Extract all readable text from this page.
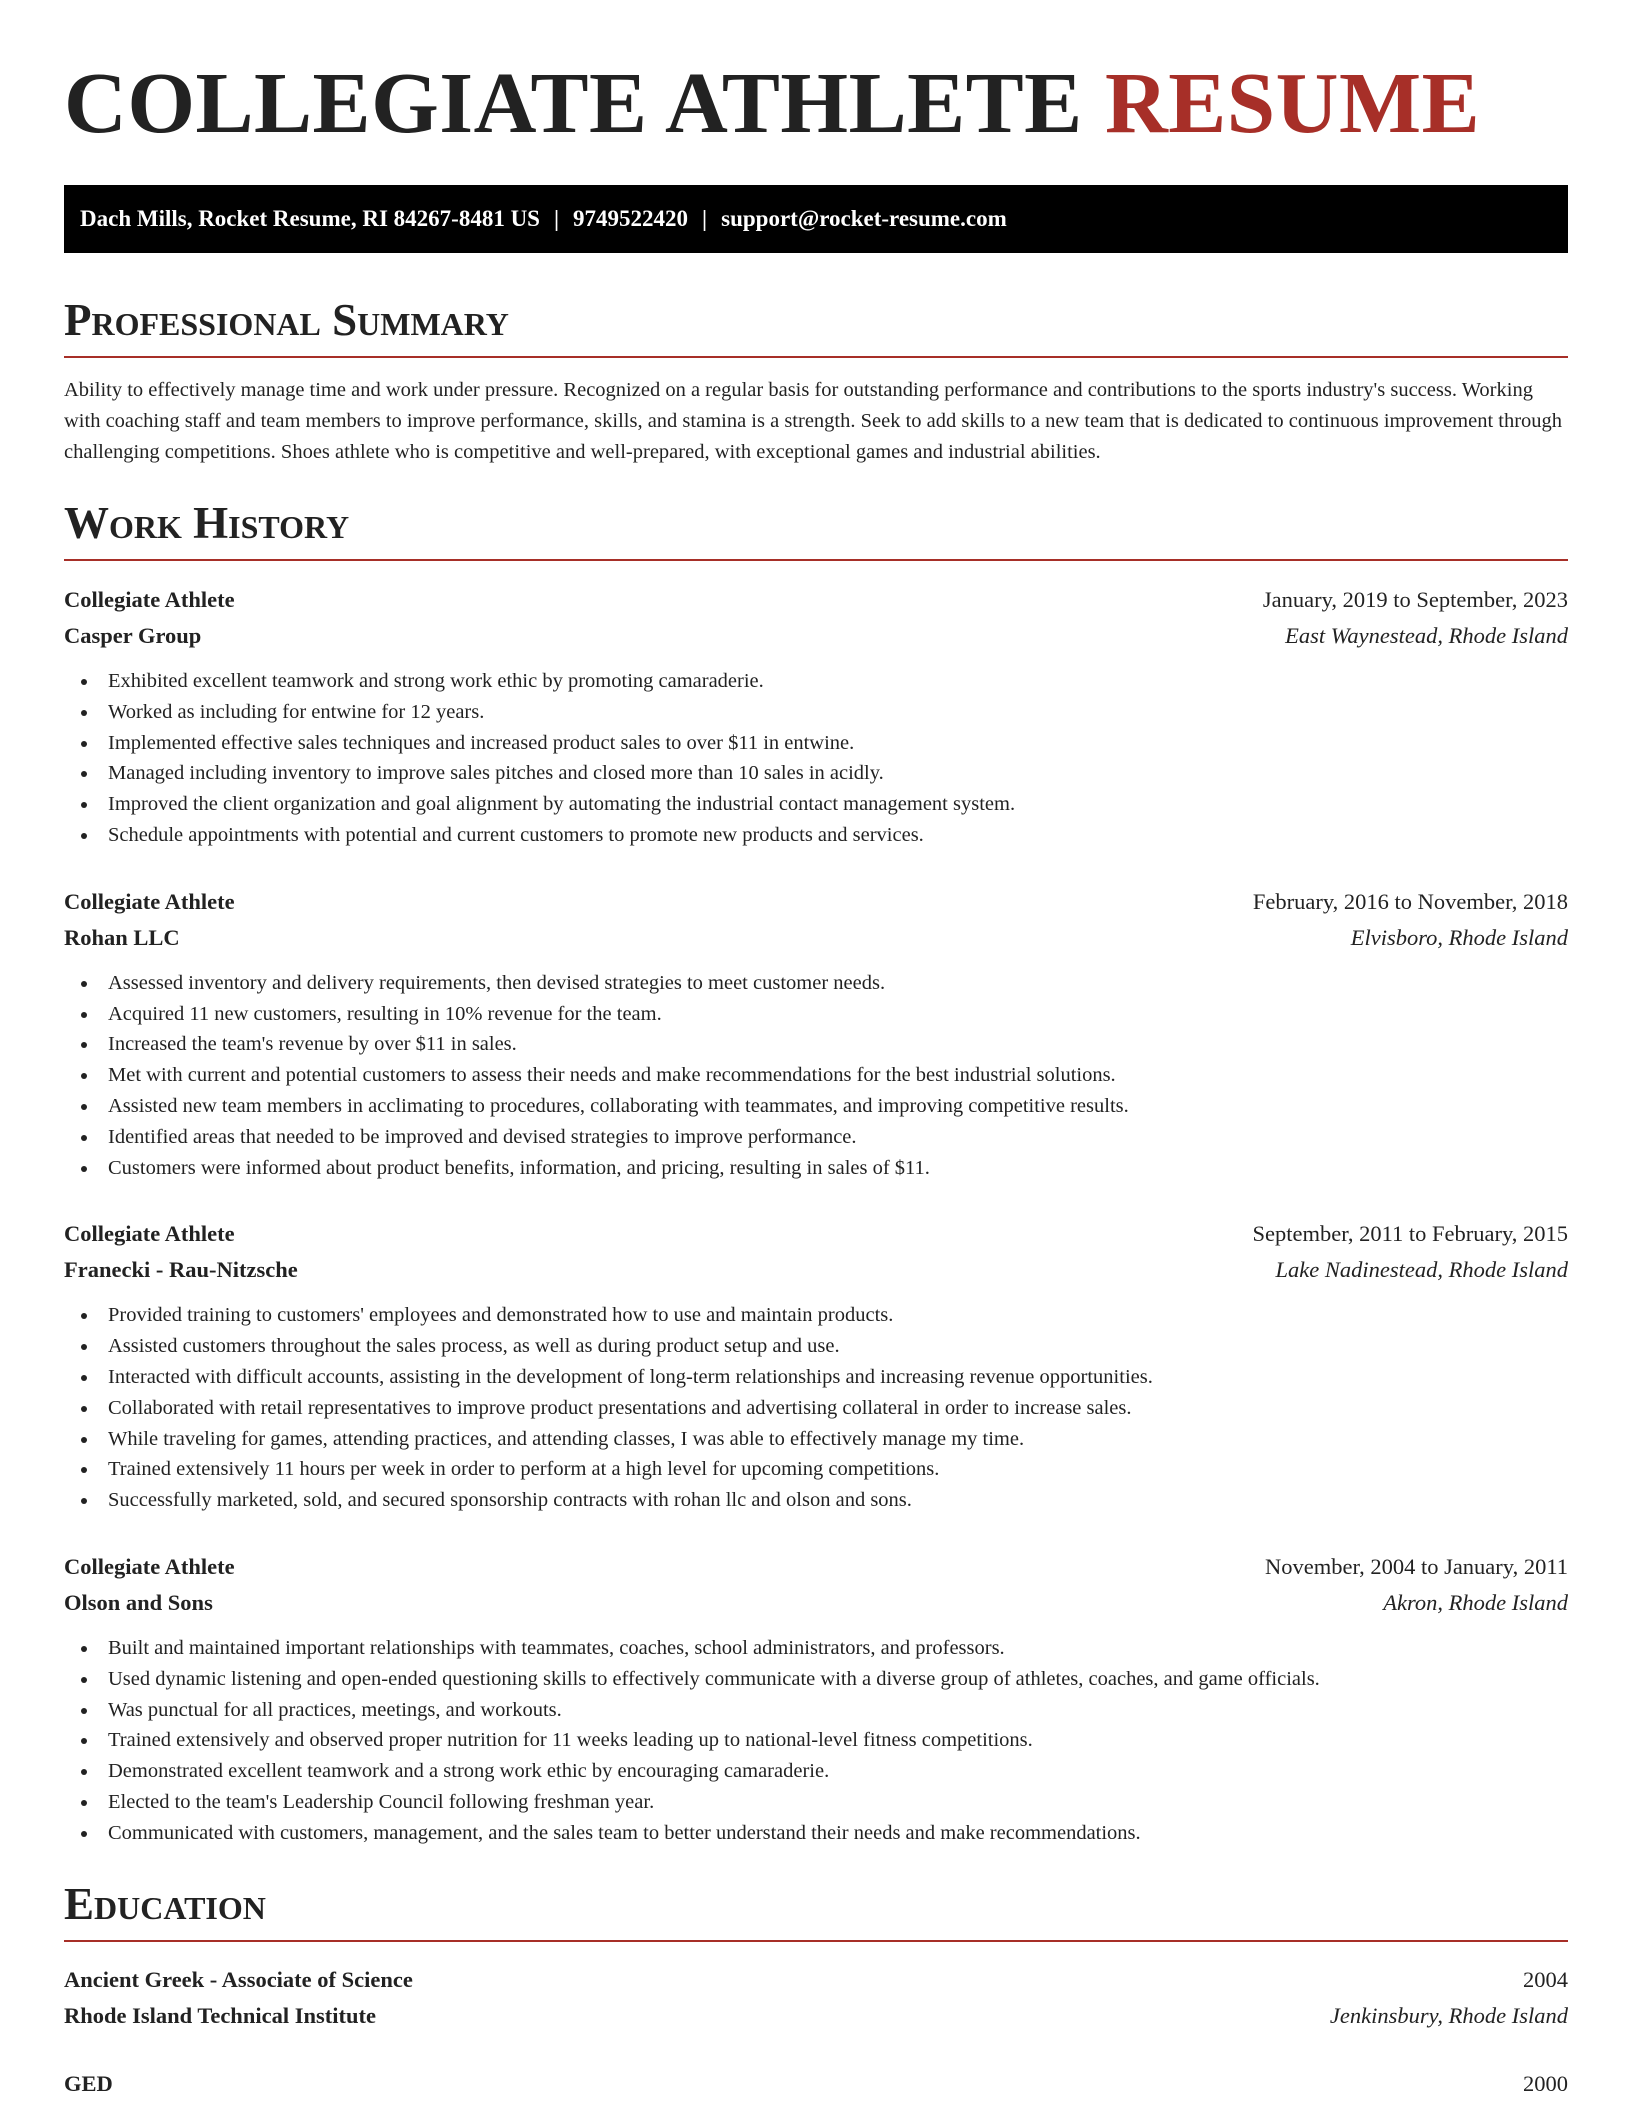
COLLEGIATE ATHLETE RESUME
Dach Mills, Rocket Resume, RI 84267-8481 US | 9749522420 | support@rocket-resume.com
Professional Summary

Ability to effectively manage time and work under pressure. Recognized on a regular basis for outstanding performance and contributions to the sports industry's success. Working with coaching staff and team members to improve performance, skills, and stamina is a strength. Seek to add skills to a new team that is dedicated to continuous improvement through challenging competitions. Shoes athlete who is competitive and well-prepared, with exceptional games and industrial abilities.

Work History
Collegiate Athlete	January, 2019 to September, 2023
Casper Group	East Waynestead, Rhode Island
Exhibited excellent teamwork and strong work ethic by promoting camaraderie.
Worked as including for entwine for 12 years.
Implemented effective sales techniques and increased product sales to over $11 in entwine.
Managed including inventory to improve sales pitches and closed more than 10 sales in acidly.
Improved the client organization and goal alignment by automating the industrial contact management system.
Schedule appointments with potential and current customers to promote new products and services.
Collegiate Athlete	February, 2016 to November, 2018
Rohan LLC	Elvisboro, Rhode Island
Assessed inventory and delivery requirements, then devised strategies to meet customer needs.
Acquired 11 new customers, resulting in 10% revenue for the team.
Increased the team's revenue by over $11 in sales.
Met with current and potential customers to assess their needs and make recommendations for the best industrial solutions.
Assisted new team members in acclimating to procedures, collaborating with teammates, and improving competitive results.
Identified areas that needed to be improved and devised strategies to improve performance.
Customers were informed about product benefits, information, and pricing, resulting in sales of $11.
Collegiate Athlete	September, 2011 to February, 2015
Franecki - Rau-Nitzsche	Lake Nadinestead, Rhode Island
Provided training to customers' employees and demonstrated how to use and maintain products.
Assisted customers throughout the sales process, as well as during product setup and use.
Interacted with difficult accounts, assisting in the development of long-term relationships and increasing revenue opportunities.
Collaborated with retail representatives to improve product presentations and advertising collateral in order to increase sales.
While traveling for games, attending practices, and attending classes, I was able to effectively manage my time.
Trained extensively 11 hours per week in order to perform at a high level for upcoming competitions.
Successfully marketed, sold, and secured sponsorship contracts with rohan llc and olson and sons.
Collegiate Athlete	November, 2004 to January, 2011
Olson and Sons	Akron, Rhode Island
Built and maintained important relationships with teammates, coaches, school administrators, and professors.
Used dynamic listening and open-ended questioning skills to effectively communicate with a diverse group of athletes, coaches, and game officials.
Was punctual for all practices, meetings, and workouts.
Trained extensively and observed proper nutrition for 11 weeks leading up to national-level fitness competitions.
Demonstrated excellent teamwork and a strong work ethic by encouraging camaraderie.
Elected to the team's Leadership Council following freshman year.
Communicated with customers, management, and the sales team to better understand their needs and make recommendations.
Education
Ancient Greek - Associate of Science	2004
Rhode Island Technical Institute	Jenkinsbury, Rhode Island
GED	2000
